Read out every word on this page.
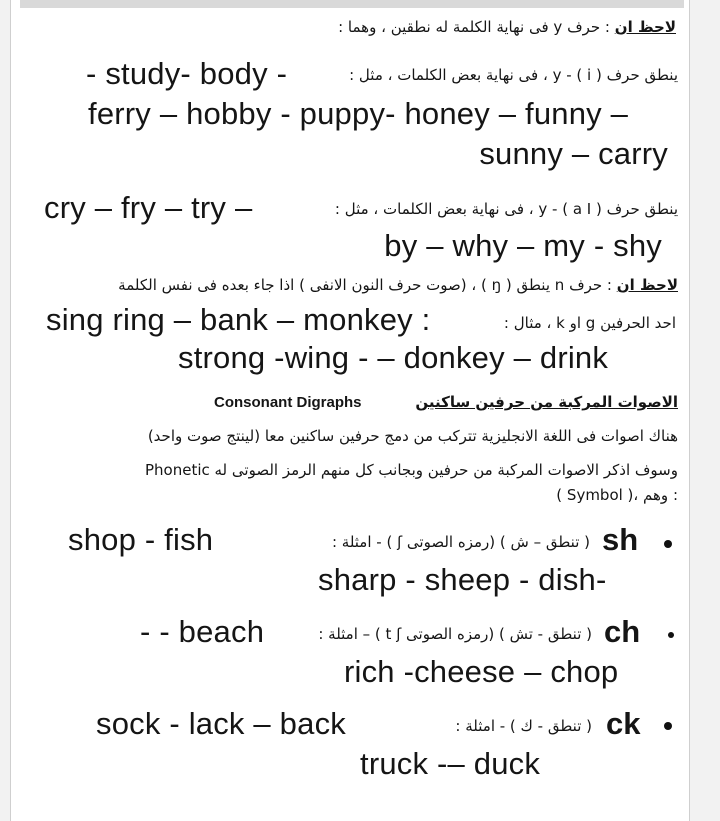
لاحظ ان : حرف y فى نهاية الكلمة له نطقين ، وهما :
ينطق حرف y - ( i ) ، فى نهاية بعض الكلمات ، مثل :
- study- body -
ferry – hobby - puppy- honey – funny –
sunny – carry
ينطق حرف y - ( a I ) ، فى نهاية بعض الكلمات ، مثل :
cry – fry – try –
by – why – my - shy
لاحظ ان : حرف n ينطق ( ŋ ) ، (صوت حرف النون الانفى ) اذا جاء بعده فى نفس الكلمة
احد الحرفين g او k ، مثال :
sing ring – bank – monkey :
strong -wing - – donkey – drink
الاصوات المركبة من حرفين ساكنين
Consonant Digraphs
هناك اصوات فى اللغة الانجليزية تتركب من دمج حرفين ساكنين معا (لينتج صوت واحد)
وسوف اذكر الاصوات المركبة من حرفين وبجانب كل منهم الرمز الصوتى له Phonetic
( Symbol )، وهم :
sh
( تنطق – ش ) (رمزه الصوتى ʃ ) - امثلة :
shop - fish
sharp - sheep - dish-
ch
( تنطق - تش ) (رمزه الصوتى t ʃ ) – امثلة :
- - beach
rich -cheese – chop
ck
( تنطق - ك ) - امثلة :
sock - lack – back
truck -– duck
